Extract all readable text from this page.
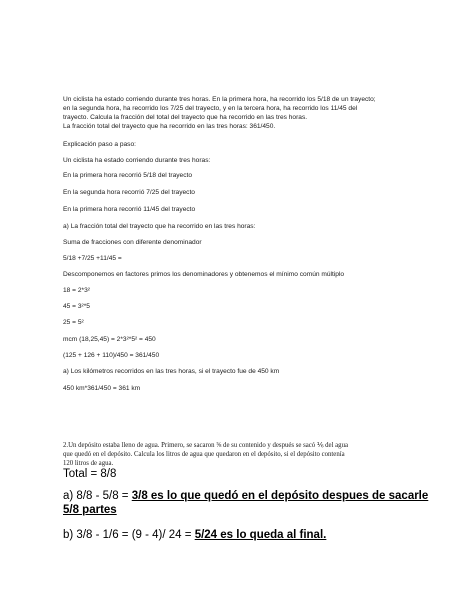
Un ciclista ha estado corriendo durante tres horas. En la primera hora, ha recorrido los 5/18 de un trayecto;

en la segunda hora, ha recorrido los 7/25 del trayecto, y en la tercera hora, ha recorrido los 11/45 del

trayecto. Calcula la fracción del total del trayecto que ha recorrido en las tres horas.

La fracción total del trayecto que ha recorrido en las tres horas: 361/450.

Explicación paso a paso:

Un ciclista ha estado corriendo durante tres horas:

En la primera hora recorrió 5/18 del trayecto

En la segunda hora recorrió 7/25 del trayecto

En la primera hora recorrió 11/45 del trayecto

a) La fracción total del trayecto que ha recorrido en las tres horas:

Suma de fracciones con diferente denominador

5/18 +7/25 +11/45 =

Descomponemos en factores primos los denominadores y obtenemos el mínimo común múltiplo

18 = 2*3²

45 = 3²*5

25 = 5²

mcm (18,25,45) = 2*3²*5² = 450

(125 + 126 + 110)/450 = 361/450

a) Los kilómetros recorridos en las tres horas, si el trayecto fue de 450 km

450 km*361/450 = 361 km

2.Un depósito estaba lleno de agua. Primero, se sacaron ⅝ de su contenido y después se sacó ⅙ del agua

que quedó en el depósito. Calcula los litros de agua que quedaron en el depósito, si el depósito contenía

120 litros de agua.

Total = 8/8

a) 8/8 - 5/8 = 3/8 es lo que quedó en el depósito despues de sacarle

5/8 partes

b) 3/8 - 1/6 = (9 - 4)/ 24 = 5/24 es lo queda al final.
